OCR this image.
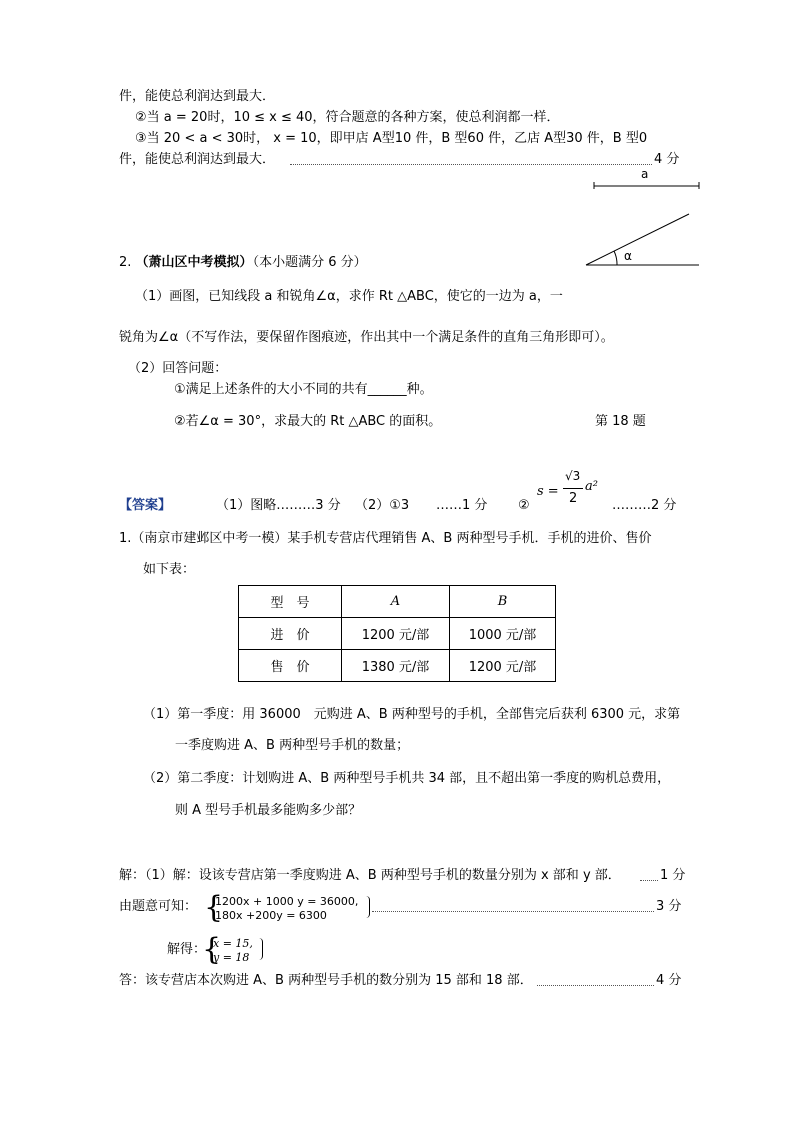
件，能使总利润达到最大．
②当 a = 20时，10 ≤ x ≤ 40，符合题意的各种方案，使总利润都一样．
③当 20 < a < 30时， x = 10，即甲店 A型10 件，B 型60 件，乙店 A型30 件，B 型0
件，能使总利润达到最大．	4 分
a
α
2. （萧山区中考模拟）（本小题满分 6 分）
（1）画图，已知线段 a 和锐角∠α，求作 Rt △ABC，使它的一边为 a，一
锐角为∠α（不写作法，要保留作图痕迹，作出其中一个满足条件的直角三角形即可）。
（2）回答问题：
①满足上述条件的大小不同的共有______种。
②若∠α = 30°，求最大的 Rt △ABC 的面积。	第 18 题
【答案】	（1）图略………3 分 （2）①3 ……1 分 ②
s =
√3
2
a²
………2 分
1.（南京市建邺区中考一模）某手机专营店代理销售 A、B 两种型号手机．手机的进价、售价
如下表：
型　号	A	B
进　价	1200 元/部	1000 元/部
售　价	1380 元/部	1200 元/部
（1）第一季度：用 36000　元购进 A、B 两种型号的手机，全部售完后获利 6300 元，求第
一季度购进 A、B 两种型号手机的数量；
（2）第二季度：计划购进 A、B 两种型号手机共 34 部，且不超出第一季度的购机总费用，
则 A 型号手机最多能购多少部？
解：（1）解：设该专营店第一季度购进 A、B 两种型号手机的数量分别为 x 部和 y 部．	1 分
由题意可知： {
1200x + 1000 y = 36000,
180x +200y = 6300
3 分
解得：
{
x = 15,
y = 18
答：该专营店本次购进 A、B 两种型号手机的数分别为 15 部和 18 部．	4 分
